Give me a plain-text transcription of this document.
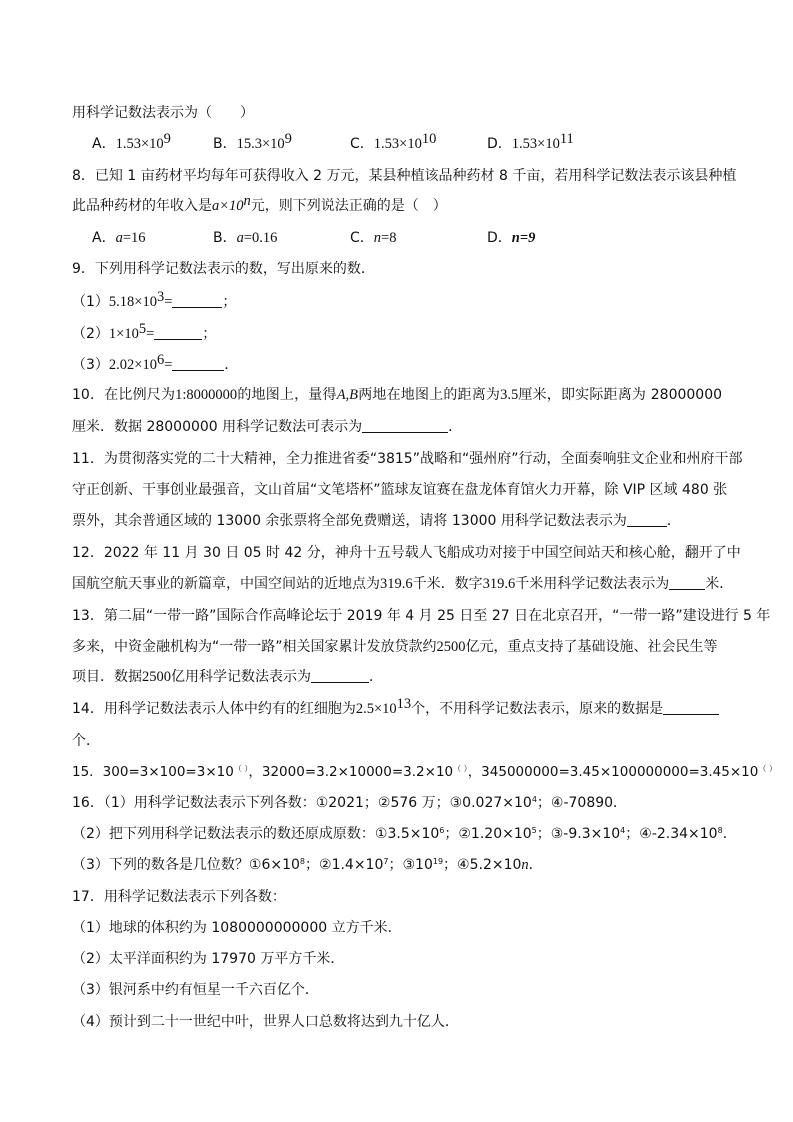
用科学记数法表示为（　　）
A．$1.53\times 10^9$	B．$15.3\times 10^9$	C．$1.53\times 10^{10}$	D．$1.53\times 10^{11}$
8．已知 1 亩药材平均每年可获得收入 2 万元，某县种植该品种药材 8 千亩，若用科学记数法表示该县种植
此品种药材的年收入是$a\times 10^n$元，则下列说法正确的是（　）
A．a=16	B．a=0.16	C．n=8	D．n=9
9．下列用科学记数法表示的数，写出原来的数．
$(1)5.18\times 10^3=$	；
$(2)1\times 10^5=$	；
$(3)2.02\times 10^6=$	．
10．在比例尺为1:8000000的地图上，量得A,B两地在地图上的距离为3.5厘米，即实际距离为 28000000
厘米．数据 28000000 用科学记数法可表示为	．
11．为贯彻落实党的二十大精神，全力推进省委“3815”战略和“强州府”行动，全面奏响驻文企业和州府干部
守正创新、干事创业最强音，文山首届“文笔塔杯”篮球友谊赛在盘龙体育馆火力开幕，除 VIP 区域 480 张
票外，其余普通区域的 13000 余张票将全部免费赠送，请将 13000 用科学记数法表示为	．
12．2022 年 11 月 30 日 05 时 42 分，神舟十五号载人飞船成功对接于中国空间站天和核心舱，翻开了中
国航空航天事业的新篇章，中国空间站的近地点为319.6千米．数字319.6千米用科学记数法表示为	米．
13．第二届“一带一路”国际合作高峰论坛于 2019 年 4 月 25 日至 27 日在北京召开，“一带一路”建设进行 5 年
多来，中资金融机构为“一带一路”相关国家累计发放贷款约2500亿元，重点支持了基础设施、社会民生等
项目．数据2500亿用科学记数法表示为	．
14．用科学记数法表示人体中约有的红细胞为$2.5\times 10^{13}$个，不用科学记数法表示，原来的数据是
个．
15．300=3×100=3×10（ ），32000=3.2×10000=3.2×10（ ），345000000=3.45×100000000=3.45×10（ ）
16．（1）用科学记数法表示下列各数：①2021；②576 万；$③0.027\times 10^4$；④-70890．
（2）把下列用科学记数法表示的数还原成原数：$①3.5\times 10^6$；$②1.20\times 10^5$；$③-9.3\times 10^4$；$④-2.34\times 10^8$．
（3）下列的数各是几位数？$①6\times 10^8$；$②1.4\times 10^7$；$③10^{19}$；④5.2×10n．
17．用科学记数法表示下列各数：
（1）地球的体积约为 1080000000000 立方千米．
（2）太平洋面积约为 17970 万平方千米．
（3）银河系中约有恒星一千六百亿个．
（4）预计到二十一世纪中叶，世界人口总数将达到九十亿人．
